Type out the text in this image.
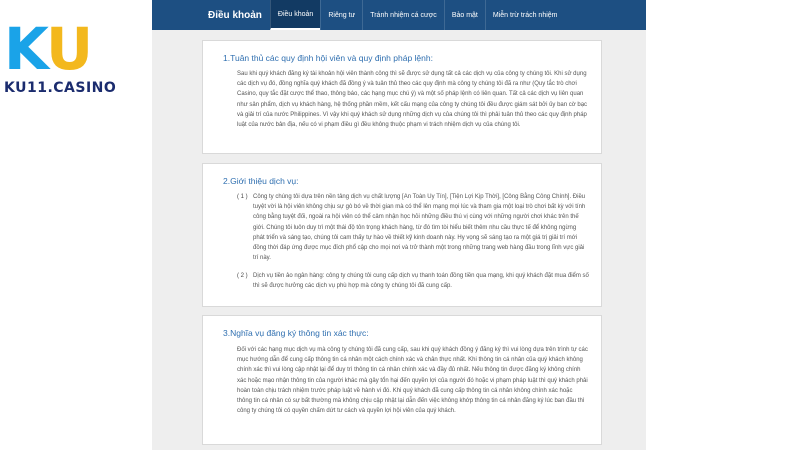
KU
KU11.CASINO
Điều khoản	Điều khoản	Riêng tư	Tránh nhiệm cá cược	Bảo mật	Miễn trừ trách nhiệm
1.Tuân thủ các quy định hội viên và quy định pháp lệnh:
Sau khi quý khách đăng ký tài khoản hội viên thành công thì sẽ được sử dụng tất cả các dịch vụ của công ty chúng tôi. Khi sử dụng các dịch vụ đó, đồng nghĩa quý khách đã đồng ý và tuân thủ theo các quy định mà công ty chúng tôi đã ra như (Quy tắc trò chơi Casino, quy tắc đặt cược thể thao, thông báo, các hạng mục chú ý) và một số pháp lệnh có liên quan. Tất cả các dịch vụ liên quan như sản phẩm, dịch vụ khách hàng, hệ thống phần mềm, kết cấu mạng của công ty chúng tôi đều được giám sát bởi ủy ban cờ bạc và giải trí của nước Philippines. Vì vậy khi quý khách sử dụng những dịch vụ của chúng tôi thì phải tuân thủ theo các quy định pháp luật của nước bản địa, nếu có vi phạm điều gì đều không thuộc phạm vi trách nhiệm dịch vụ của chúng tôi.
2.Giới thiệu dịch vụ:
( 1 ) Công ty chúng tôi dựa trên nền tảng dịch vụ chất lượng [An Toàn Uy Tín], [Tiện Lợi Kịp Thời], [Công Bằng Công Chính]. Điều tuyệt vời là hội viên không chịu sự gò bó về thời gian mà có thể lên mạng mọi lúc và tham gia một loại trò chơi bất kỳ với tính công bằng tuyệt đối, ngoài ra hội viên có thể cảm nhận học hỏi những điều thú vị cùng với những người chơi khác trên thế giới. Chúng tôi luôn duy trì một thái độ tôn trọng khách hàng, từ đó tìm tòi hiểu biết thêm nhu cầu thực tế để không ngừng phát triển và sáng tạo, chúng tôi cam thấy tự hào về thiết kỹ kinh doanh này. Hy vọng sẽ sáng tạo ra một giá trị giải trí mới đồng thời đáp ứng được mục đích phổ cập cho mọi nơi và trở thành một trong những trang web hàng đầu trong lĩnh vực giải trí này.
( 2 ) Dịch vụ tiền ảo ngân hàng: công ty chúng tôi cung cấp dịch vụ thanh toán đồng tiền qua mạng, khi quý khách đặt mua điểm số thì sẽ được hưởng các dịch vụ phù hợp mà công ty chúng tôi đã cung cấp.
3.Nghĩa vụ đăng ký thông tin xác thực:
Đối với các hạng mục dịch vụ mà công ty chúng tôi đã cung cấp, sau khi quý khách đồng ý đăng ký thì vui lòng dựa trên trình tự các mục hướng dẫn để cung cấp thông tin cá nhân một cách chính xác và chân thực nhất. Khi thông tin cá nhân của quý khách không chính xác thì vui lòng cập nhật lại để duy trì thông tin cá nhân chính xác và đầy đủ nhất. Nếu thông tin được đăng ký không chính xác hoặc mạo nhận thông tin của người khác mà gây tổn hại đến quyền lợi của người đó hoặc vi phạm pháp luật thì quý khách phải hoàn toàn chịu trách nhiệm trước pháp luật về hành vi đó. Khi quý khách đã cung cấp thông tin cá nhân không chính xác hoặc thông tin cá nhân có sự bất thường mà không chịu cập nhật lại dẫn đến việc không khớp thông tin cá nhân đăng ký lúc ban đầu thì công ty chúng tôi có quyền chấm dứt tư cách và quyền lợi hội viên của quý khách.
